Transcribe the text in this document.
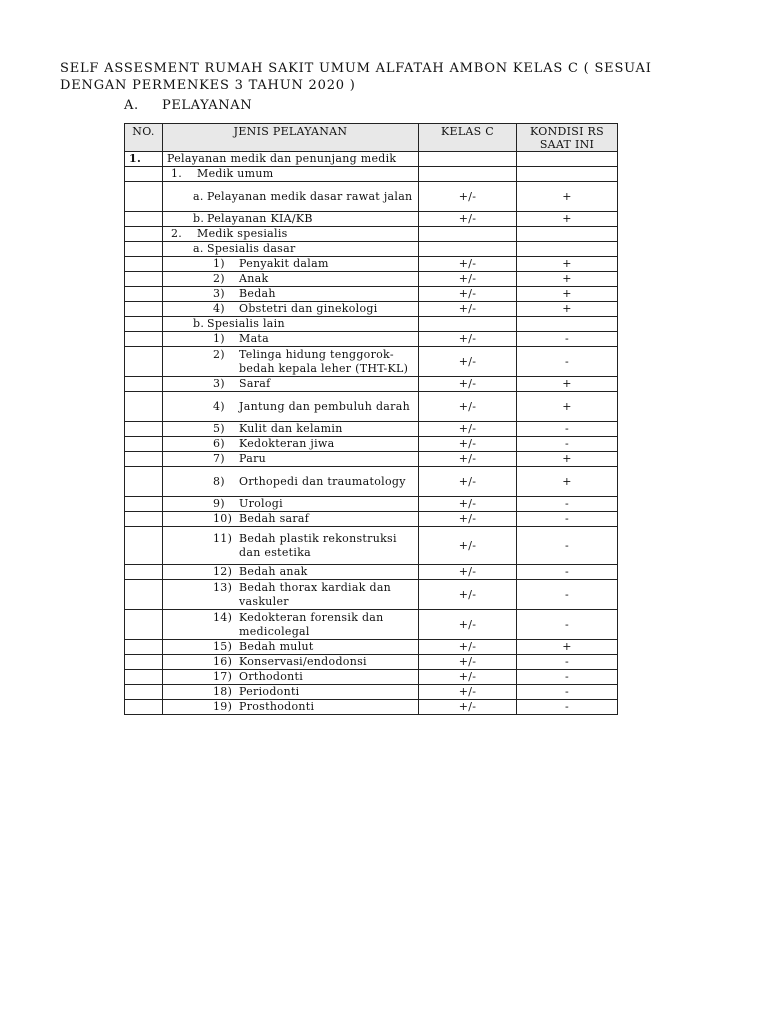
SELF ASSESMENT RUMAH SAKIT UMUM ALFATAH AMBON KELAS C ( SESUAI DENGAN PERMENKES 3 TAHUN 2020 )
A. PELAYANAN
NO.	JENIS PELAYANAN	KELAS C	KONDISI RS SAAT INI
1.	Pelayanan medik dan penunjang medik		

	1. Medik umum		

	a. Pelayanan medik dasar rawat jalan	+/-	+

	b. Pelayanan KIA/KB	+/-	+

	2. Medik spesialis		

	a. Spesialis dasar		

	1) Penyakit dalam	+/-	+

	2) Anak	+/-	+

	3) Bedah	+/-	+

	4) Obstetri dan ginekologi	+/-	+

	b. Spesialis lain		

	1) Mata	+/-	-

	2) Telinga hidung tenggorok-bedah kepala leher (THT-KL)	+/-	-

	3) Saraf	+/-	+

	4) Jantung dan pembuluh darah	+/-	+

	5) Kulit dan kelamin	+/-	-

	6) Kedokteran jiwa	+/-	-

	7) Paru	+/-	+

	8) Orthopedi dan traumatology	+/-	+

	9) Urologi	+/-	-

	10) Bedah saraf	+/-	-

	11) Bedah plastik rekonstruksi dan estetika	+/-	-

	12) Bedah anak	+/-	-

	13) Bedah thorax kardiak dan vaskuler	+/-	-

	14) Kedokteran forensik dan medicolegal	+/-	-

	15) Bedah mulut	+/-	+

	16) Konservasi/endodonsi	+/-	-

	17) Orthodonti	+/-	-

	18) Periodonti	+/-	-

	19) Prosthodonti	+/-	-
